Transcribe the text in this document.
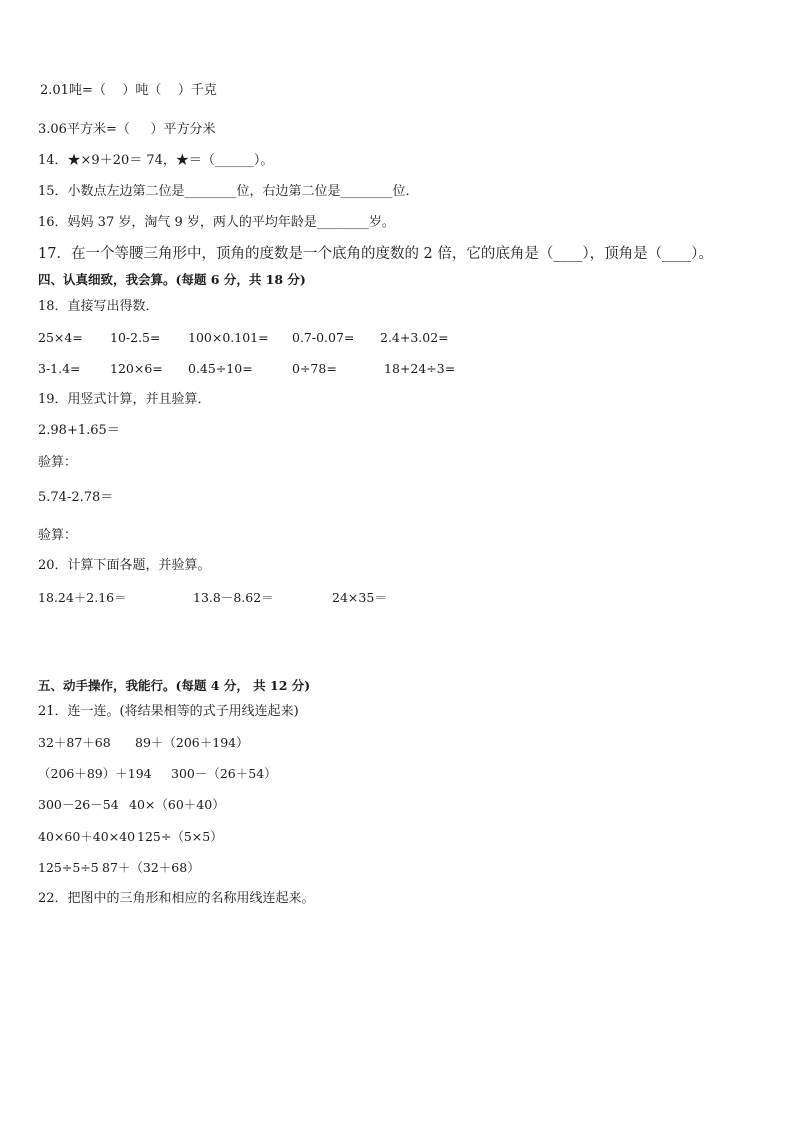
2.01吨=（    ）吨（    ）千克
3.06平方米=（     ）平方分米
14．★×9＋20＝ 74，★＝（______）。
15．小数点左边第二位是________位，右边第二位是________位．
16．妈妈 37 岁，淘气 9 岁，两人的平均年龄是________岁。
17．在一个等腰三角形中，顶角的度数是一个底角的度数的 2 倍，它的底角是（____），顶角是（____）。
四、认真细致，我会算。(每题 6 分，共 18 分)
18．直接写出得数．
25×4= 10-2.5= 100×0.101= 0.7-0.07= 2.4+3.02=
3-1.4= 120×6= 0.45÷10=	0÷78=	18+24÷3=
19．用竖式计算，并且验算．
2.98+1.65＝
验算：
5.74-2.78＝
验算：
20．计算下面各题，并验算。
18.24＋2.16＝	13.8－8.62＝	24×35＝
五、动手操作，我能行。(每题 4 分， 共 12 分)
21．连一连。(将结果相等的式子用线连起来)
32＋87＋68 89＋（206＋194）
（206＋89）＋194 300－（26＋54）
300－26－54 40×（60＋40）
40×60＋40×40 125÷（5×5）
125÷5÷5 87＋（32＋68）
22．把图中的三角形和相应的名称用线连起来。
